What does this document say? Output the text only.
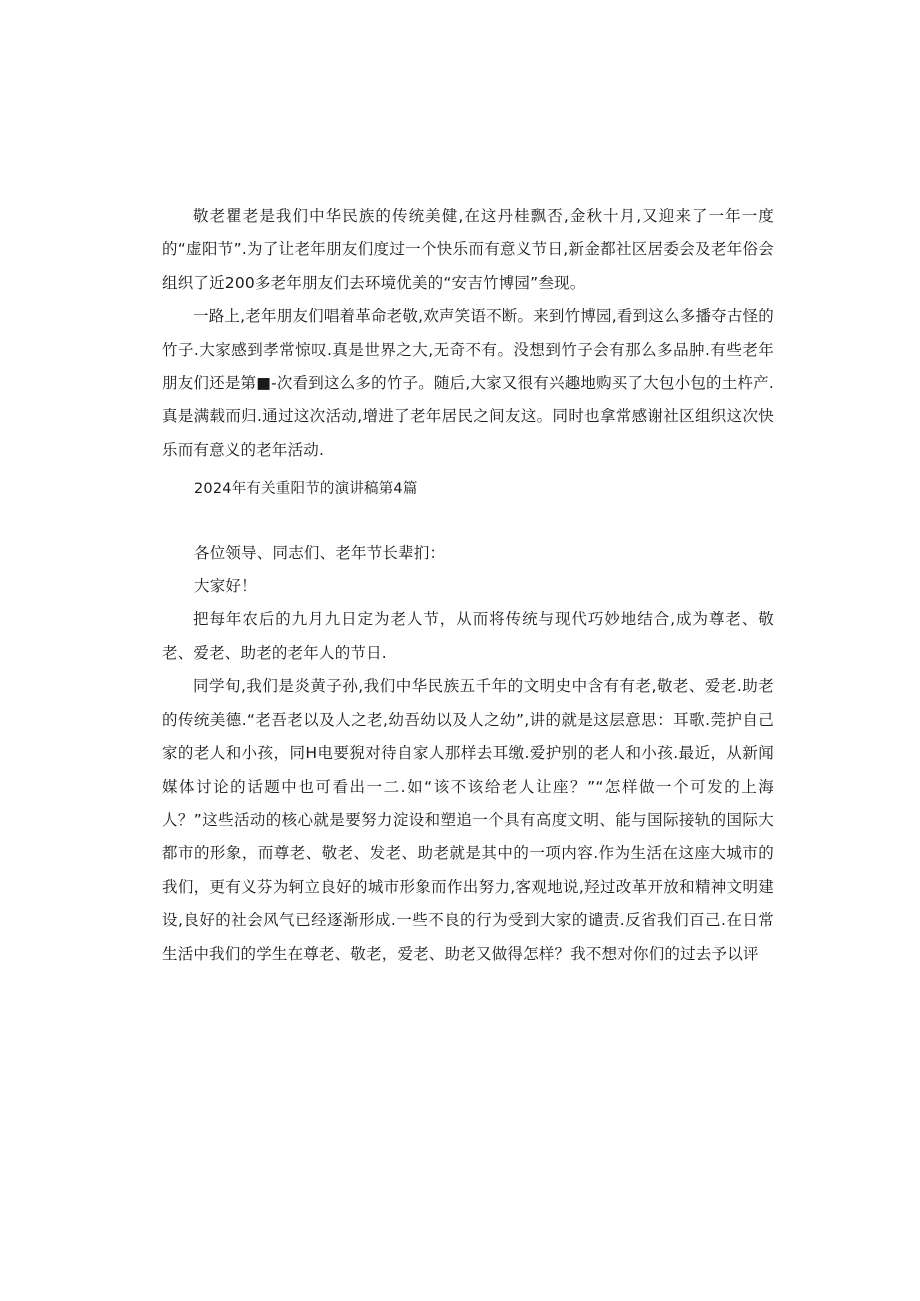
敬老瞿老是我们中华民族的传统美健,在这丹桂飘否,金秋十月,又迎来了一年一度的“虚阳节”.为了让老年朋友们度过一个快乐而有意义节日,新金都社区居委会及老年俗会组织了近200多老年朋友们去环境优美的“安吉竹博园”叁现。

一路上,老年朋友们唱着革命老敬,欢声笑语不断。来到竹博园,看到这么多播夺古怪的竹子.大家感到孝常惊叹.真是世界之大,无奇不有。没想到竹子会有那么多品肿.有些老年朋友们还是第■-次看到这么多的竹子。随后,大家又很有兴趣地购买了大包小包的土杵产.真是满载而归.通过这次活动,增进了老年居民之间友这。同时也拿常感谢社区组织这次快乐而有意义的老年活动.

2024年有关重阳节的演讲稿第4篇

各位领导、同志们、老年节长辈扪：

大家好！

把每年农后的九月九日定为老人节，从而将传统与现代巧妙地结合,成为尊老、敬老、爱老、助老的老年人的节日.

同学旬,我们是炎黄子孙,我们中华民族五千年的文明史中含有有老,敬老、爱老.助老的传统美德.“老吾老以及人之老,幼吾幼以及人之幼”,讲的就是这层意思：耳歌.莞护自己家的老人和小孩，同H电要猊对待自家人那样去耳缴.爱护别的老人和小孩.最近，从新闻媒体讨论的话题中也可看出一二.如“该不该给老人让座？”“怎样做一个可发的上海人？”这些活动的核心就是要努力淀设和塑追一个具有高度文明、能与国际接轨的国际大都市的形象，而尊老、敬老、发老、助老就是其中的一项内容.作为生活在这座大城市的我们，更有义芬为轲立良好的城市形象而作出努力,客观地说,羟过改革开放和精神文明建设,良好的社会风气已经逐渐形成.一些不良的行为受到大家的谴责.反省我们百己.在日常生活中我们的学生在尊老、敬老，爱老、助老又做得怎样？我不想对你们的过去予以评
